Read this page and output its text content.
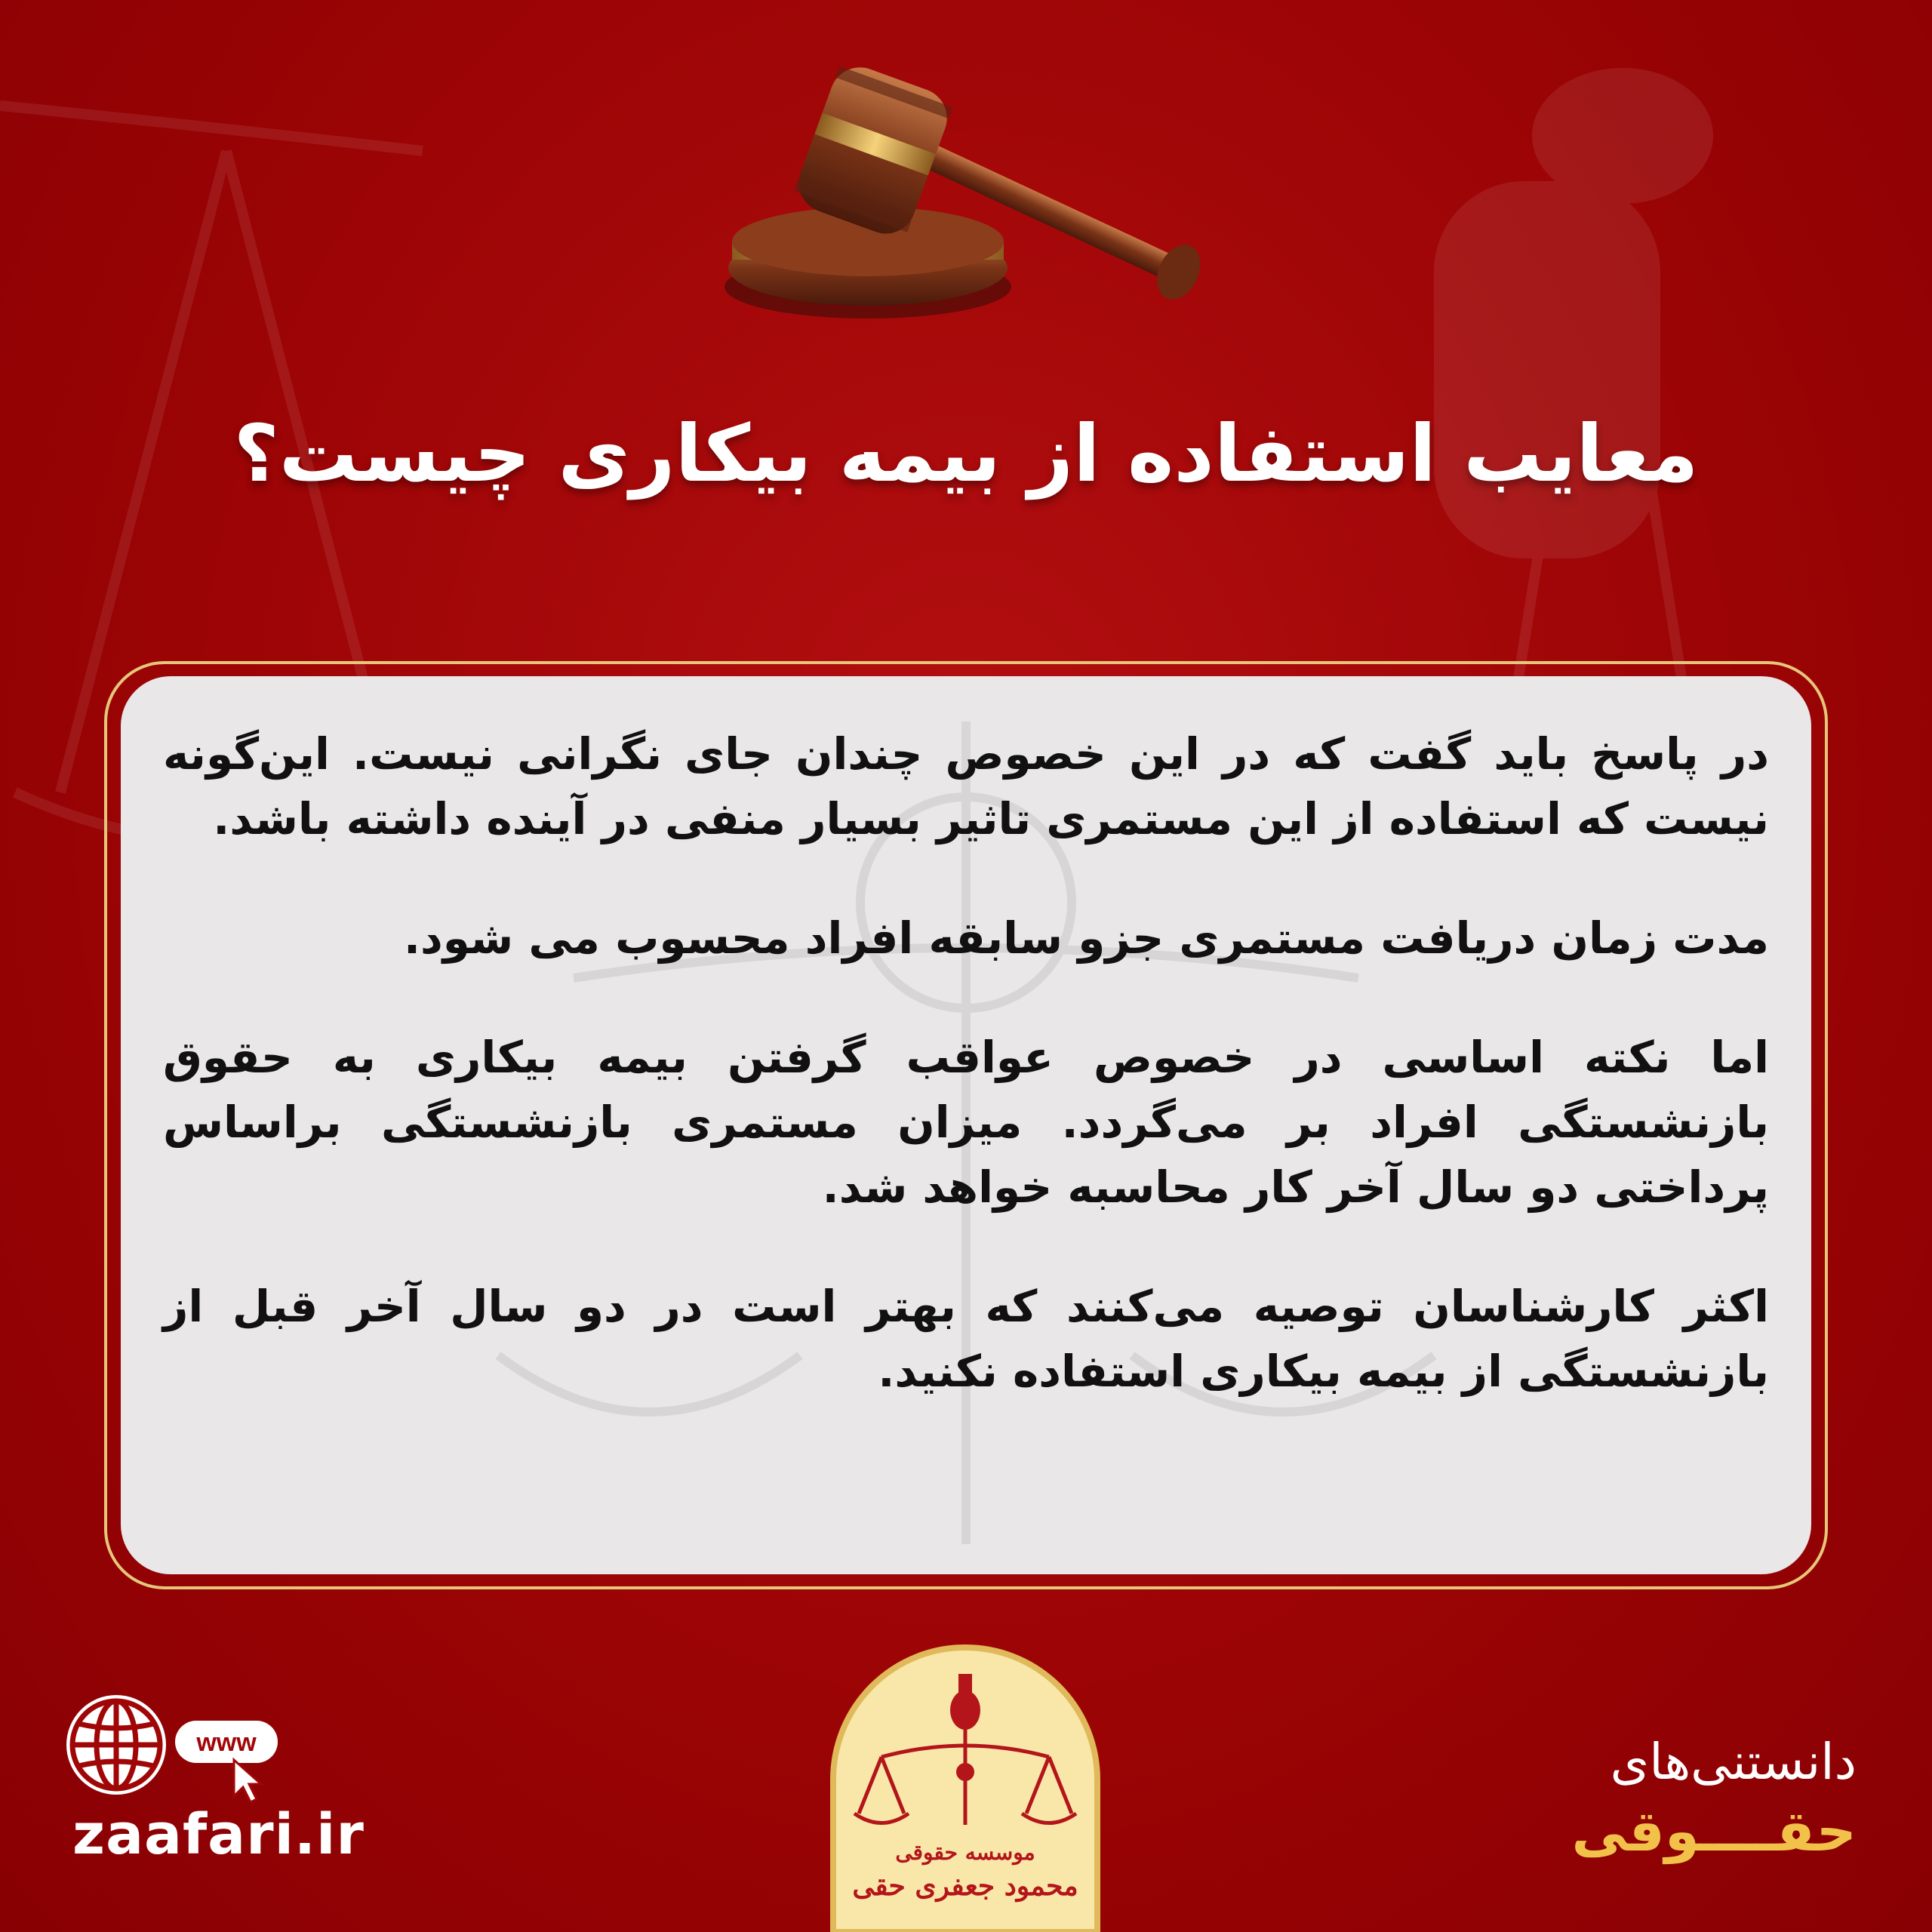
معایب استفاده از بیمه بیکاری چیست؟

در پاسخ باید گفت که در این خصوص چندان جای نگرانی نیست. این‌گونه نیست که استفاده از این مستمری تاثیر بسیار منفی در آینده داشته باشد.

مدت زمان دریافت مستمری جزو سابقه افراد محسوب می شود.

اما نکته اساسی در خصوص عواقب گرفتن بیمه بیکاری به حقوق بازنشستگی افراد بر می‌گردد. میزان مستمری بازنشستگی براساس پرداختی دو سال آخر کار محاسبه خواهد شد.

اکثر کارشناسان توصیه می‌کنند که بهتر است در دو سال آخر قبل از بازنشستگی از بیمه بیکاری استفاده نکنید.

www
zaafari.ir	موسسه حقوقی
محمود جعفری حقی
دانستنی‌های
حقــــوقی
